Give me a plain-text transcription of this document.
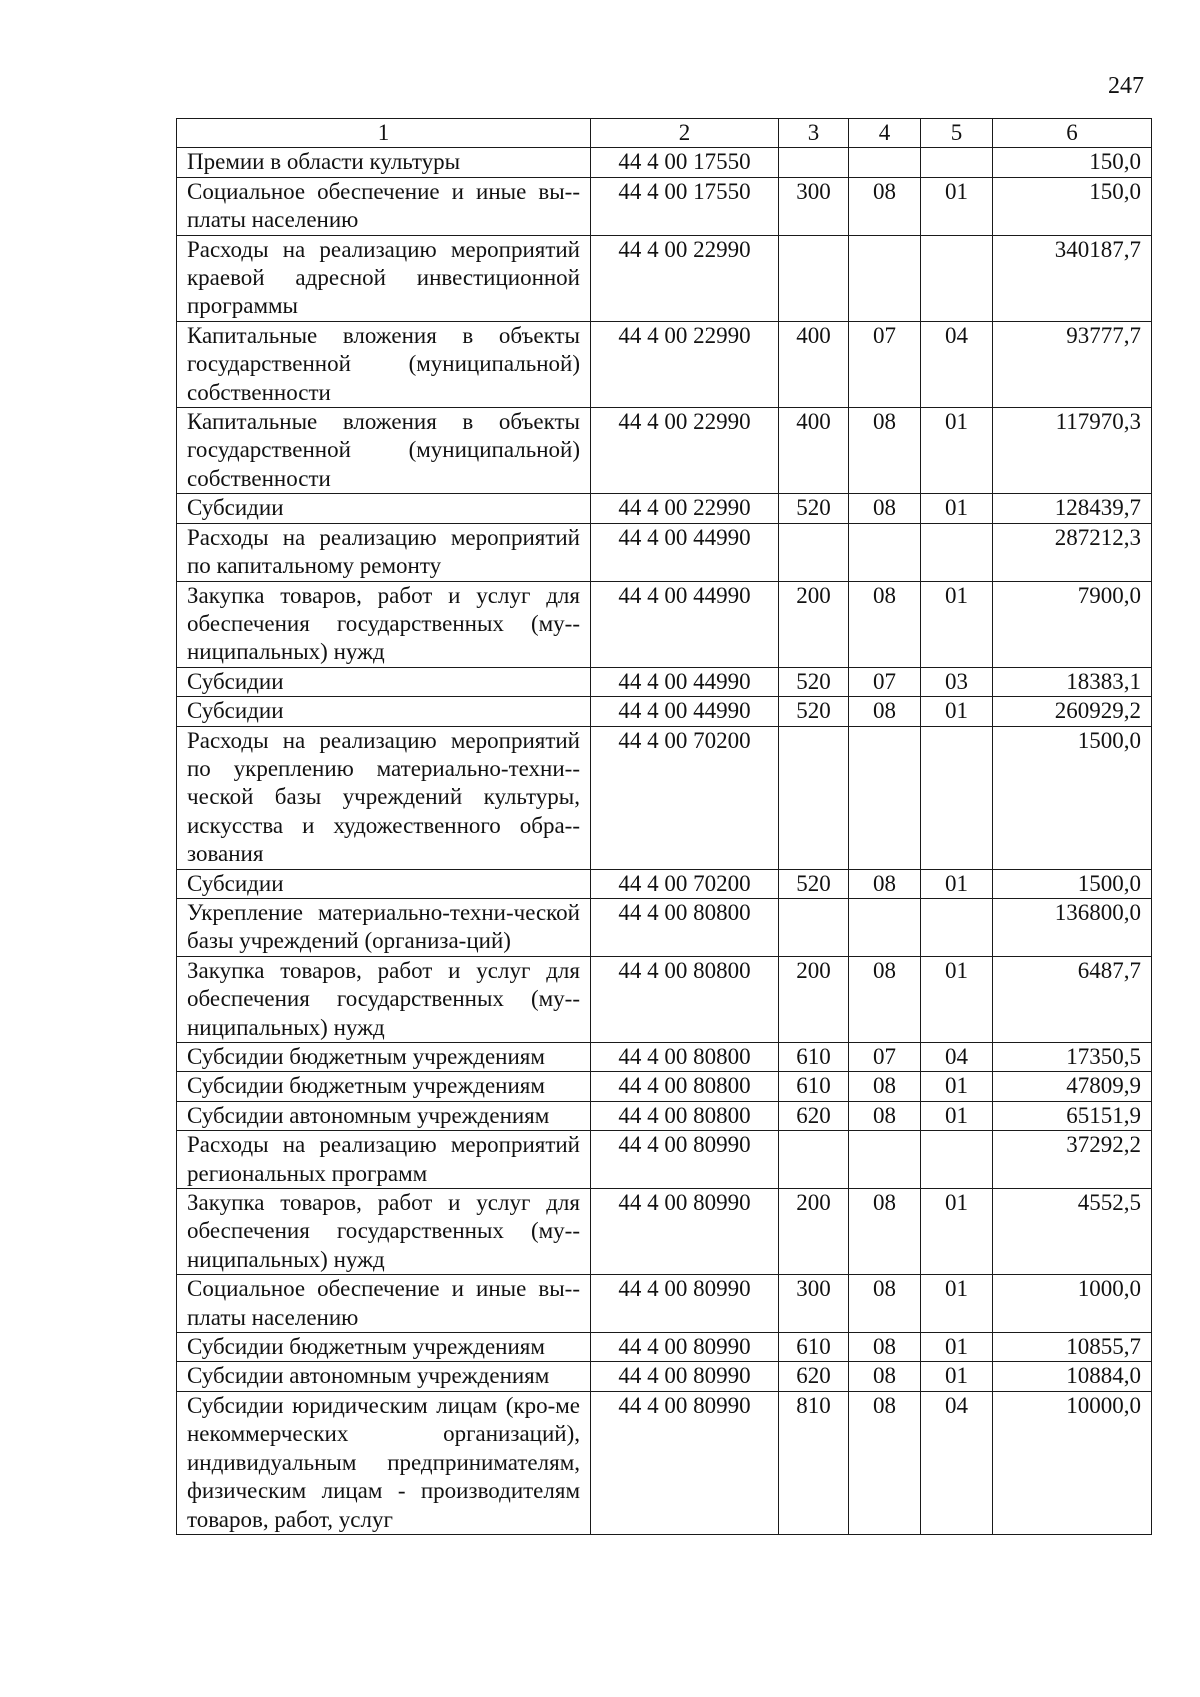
247
1	2	3	4	5	6
Премии в области культуры	44 4 00 17550				150,0
Социальное обеспечение и иные вы-платы населению	44 4 00 17550	300	08	01	150,0
Расходы на реализацию мероприятий краевой адресной инвестиционной программы	44 4 00 22990				340187,7
Капитальные вложения в объекты государственной (муниципальной) собственности	44 4 00 22990	400	07	04	93777,7
Капитальные вложения в объекты государственной (муниципальной) собственности	44 4 00 22990	400	08	01	117970,3
Субсидии	44 4 00 22990	520	08	01	128439,7
Расходы на реализацию мероприятий по капитальному ремонту	44 4 00 44990				287212,3
Закупка товаров, работ и услуг для обеспечения государственных (му-ниципальных) нужд	44 4 00 44990	200	08	01	7900,0
Субсидии	44 4 00 44990	520	07	03	18383,1
Субсидии	44 4 00 44990	520	08	01	260929,2
Расходы на реализацию мероприятий по укреплению материально-техни-ческой базы учреждений культуры, искусства и художественного обра-зования	44 4 00 70200				1500,0
Субсидии	44 4 00 70200	520	08	01	1500,0
Укрепление материально-техни-ческой базы учреждений (организа-ций)	44 4 00 80800				136800,0
Закупка товаров, работ и услуг для обеспечения государственных (му-ниципальных) нужд	44 4 00 80800	200	08	01	6487,7
Субсидии бюджетным учреждениям	44 4 00 80800	610	07	04	17350,5
Субсидии бюджетным учреждениям	44 4 00 80800	610	08	01	47809,9
Субсидии автономным учреждениям	44 4 00 80800	620	08	01	65151,9
Расходы на реализацию мероприятий региональных программ	44 4 00 80990				37292,2
Закупка товаров, работ и услуг для обеспечения государственных (му-ниципальных) нужд	44 4 00 80990	200	08	01	4552,5
Социальное обеспечение и иные вы-платы населению	44 4 00 80990	300	08	01	1000,0
Субсидии бюджетным учреждениям	44 4 00 80990	610	08	01	10855,7
Субсидии автономным учреждениям	44 4 00 80990	620	08	01	10884,0
Субсидии юридическим лицам (кро-ме некоммерческих организаций), индивидуальным предпринимателям, физическим лицам - производителям товаров, работ, услуг	44 4 00 80990	810	08	04	10000,0
